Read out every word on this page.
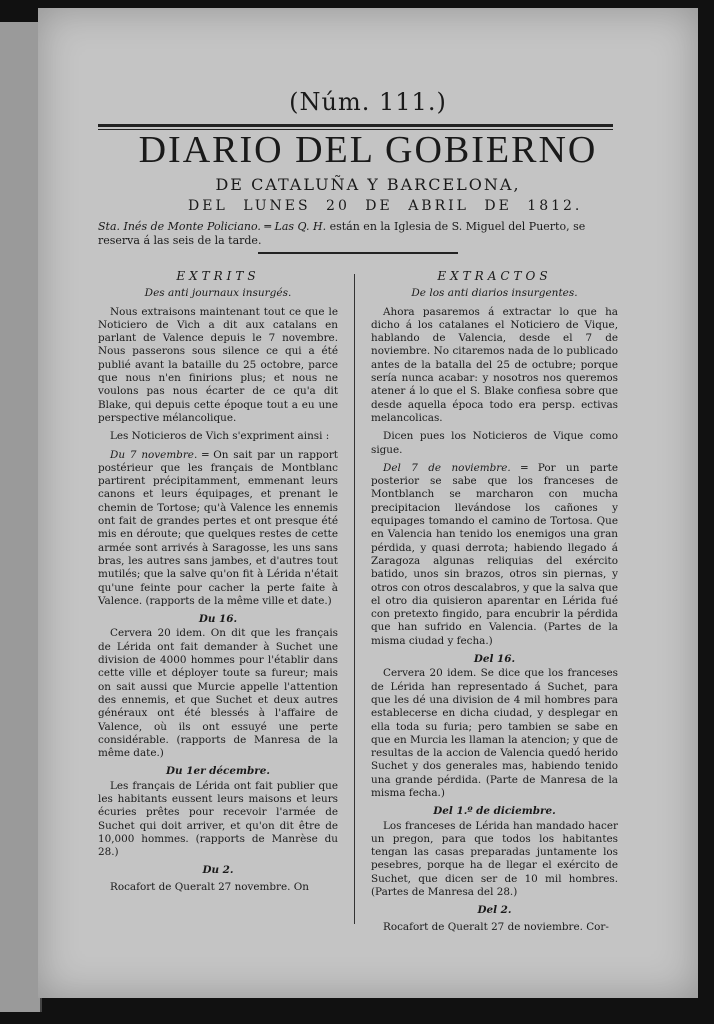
(Núm. 111.)
DIARIO DEL GOBIERNO
DE CATALUÑA Y BARCELONA,
DEL LUNES 20 DE ABRIL DE 1812.
Sta. Inés de Monte Policiano. ═ Las Q. H. están en la Iglesia de S. Miguel del Puerto, se reserva á las seis de la tarde.
EXTRITS
Des anti journaux insurgés.

Nous extraisons maintenant tout ce que le Noticiero de Vich a dit aux catalans en parlant de Valence depuis le 7 novembre. Nous passerons sous silence ce qui a été publié avant la bataille du 25 octobre, parce que nous n'en finirions plus; et nous ne voulons pas nous écarter de ce qu'a dit Blake, qui depuis cette époque tout a eu une perspective mélancolique.

Les Noticieros de Vich s'expriment ainsi :

Du 7 novembre. ═ On sait par un rapport postérieur que les français de Montblanc partirent précipitamment, emmenant leurs canons et leurs équipages, et prenant le chemin de Tortose; qu'à Valence les ennemis ont fait de grandes pertes et ont presque été mis en déroute; que quelques restes de cette armée sont arrivés à Saragosse, les uns sans bras, les autres sans jambes, et d'autres tout mutilés; que la salve qu'on fit à Lérida n'était qu'une feinte pour cacher la perte faite à Valence. (rapports de la même ville et date.)

Du 16.

Cervera 20 idem. On dit que les français de Lérida ont fait demander à Suchet une division de 4000 hommes pour l'établir dans cette ville et déployer toute sa fureur; mais on sait aussi que Murcie appelle l'attention des ennemis, et que Suchet et deux autres généraux ont été blessés à l'affaire de Valence, où ils ont essuyé une perte considérable. (rapports de Manresa de la même date.)

Du 1er décembre.

Les français de Lérida ont fait publier que les habitants eussent leurs maisons et leurs écuries prêtes pour recevoir l'armée de Suchet qui doit arriver, et qu'on dit être de 10,000 hommes. (rapports de Manrèse du 28.)

Du 2.

Rocafort de Queralt 27 novembre. On

EXTRACTOS
De los anti diarios insurgentes.

Ahora pasaremos á extractar lo que ha dicho á los catalanes el Noticiero de Vique, hablando de Valencia, desde el 7 de noviembre. No citaremos nada de lo publicado antes de la batalla del 25 de octubre; porque sería nunca acabar: y nosotros nos queremos atener á lo que el S. Blake confiesa sobre que desde aquella época todo era persp. ectivas melancolicas.

Dicen pues los Noticieros de Vique como sigue.

Del 7 de noviembre. ═ Por un parte posterior se sabe que los franceses de Montblanch se marcharon con mucha precipitacion llevándose los cañones y equipages tomando el camino de Tortosa. Que en Valencia han tenido los enemigos una gran pérdida, y quasi derrota; habiendo llegado á Zaragoza algunas reliquias del exército batido, unos sin brazos, otros sin piernas, y otros con otros descalabros, y que la salva que el otro dia quisieron aparentar en Lérida fué con pretexto fingido, para encubrir la pérdida que han sufrido en Valencia. (Partes de la misma ciudad y fecha.)

Del 16.

Cervera 20 idem. Se dice que los franceses de Lérida han representado á Suchet, para que les dé una division de 4 mil hombres para establecerse en dicha ciudad, y desplegar en ella toda su furia; pero tambien se sabe en que en Murcia les llaman la atencion; y que de resultas de la accion de Valencia quedó herido Suchet y dos generales mas, habiendo tenido una grande pérdida. (Parte de Manresa de la misma fecha.)

Del 1.º de diciembre.

Los franceses de Lérida han mandado hacer un pregon, para que todos los habitantes tengan las casas preparadas juntamente los pesebres, porque ha de llegar el exército de Suchet, que dicen ser de 10 mil hombres. (Partes de Manresa del 28.)

Del 2.

Rocafort de Queralt 27 de noviembre. Cor-
